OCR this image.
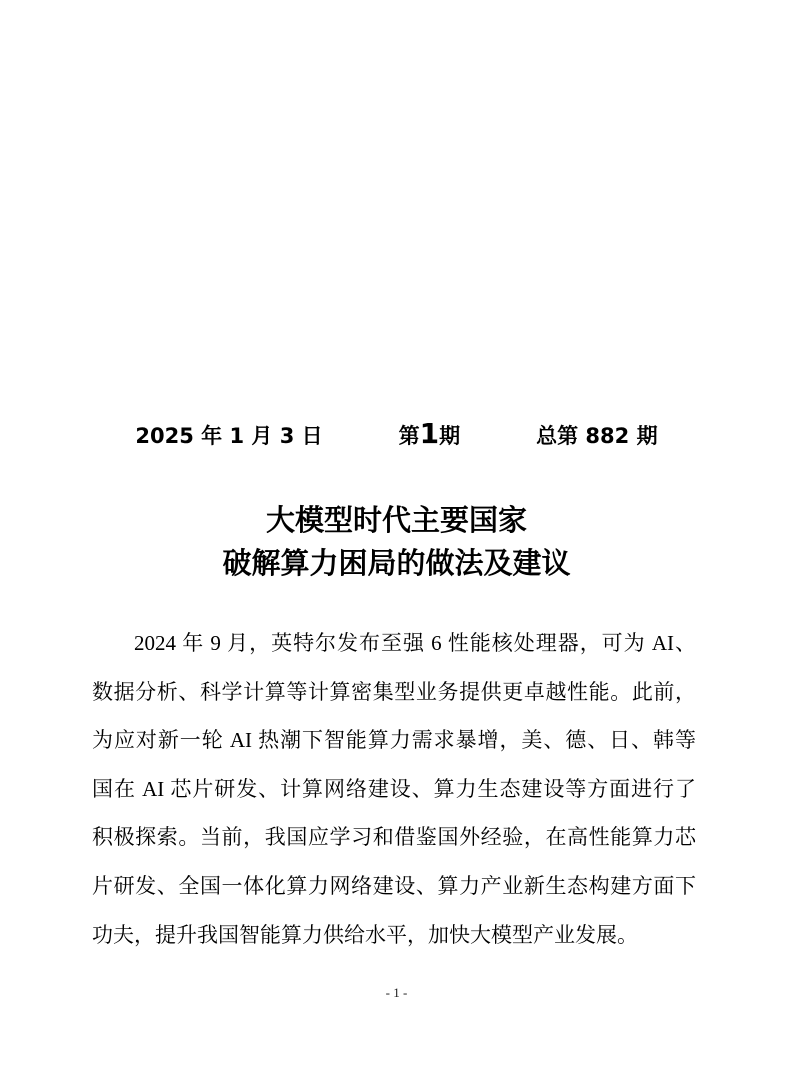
2025 年 1 月 3 日	第1期	总第 882 期
大模型时代主要国家
破解算力困局的做法及建议
2024 年 9 月，英特尔发布至强 6 性能核处理器，可为 AI、
数据分析、科学计算等计算密集型业务提供更卓越性能。此前，
为应对新一轮 AI 热潮下智能算力需求暴增，美、德、日、韩等
国在 AI 芯片研发、计算网络建设、算力生态建设等方面进行了
积极探索。当前，我国应学习和借鉴国外经验，在高性能算力芯
片研发、全国一体化算力网络建设、算力产业新生态构建方面下
功夫，提升我国智能算力供给水平，加快大模型产业发展。
- 1 -
